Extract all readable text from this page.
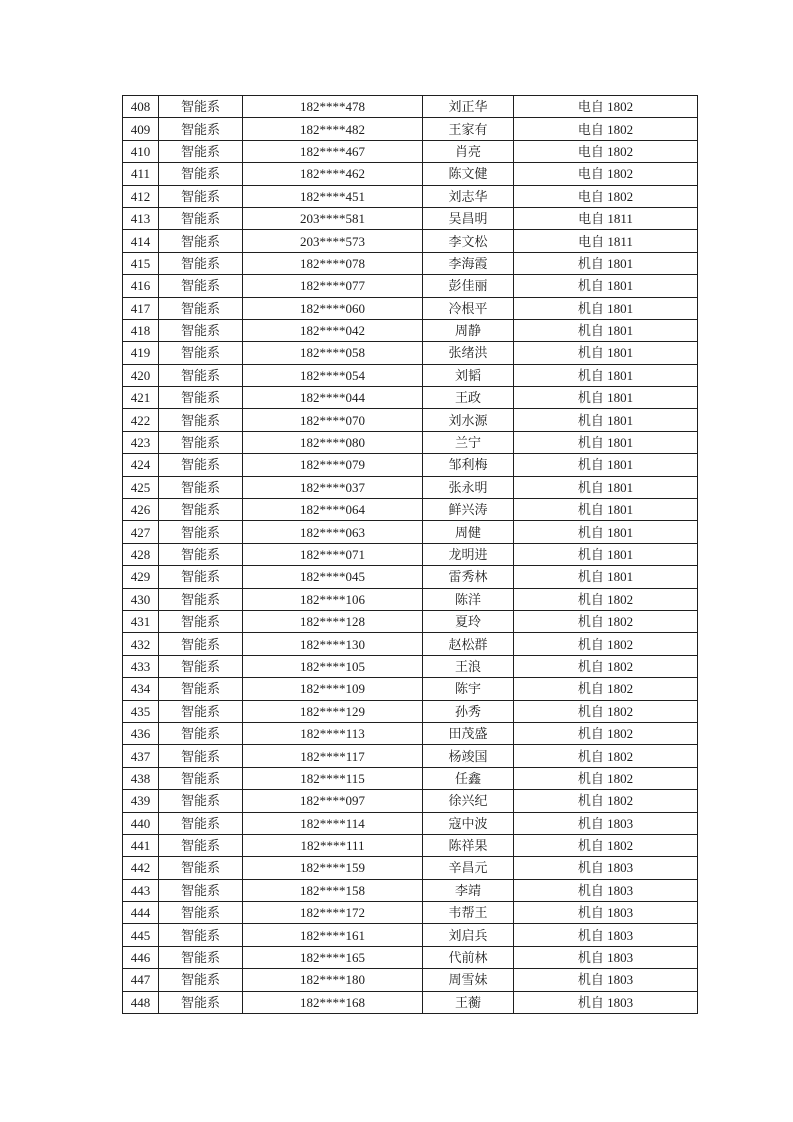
408	智能系	182****478	刘正华	电自 1802
409	智能系	182****482	王家有	电自 1802
410	智能系	182****467	肖亮	电自 1802
411	智能系	182****462	陈文健	电自 1802
412	智能系	182****451	刘志华	电自 1802
413	智能系	203****581	吴昌明	电自 1811
414	智能系	203****573	李文松	电自 1811
415	智能系	182****078	李海霞	机自 1801
416	智能系	182****077	彭佳丽	机自 1801
417	智能系	182****060	冷根平	机自 1801
418	智能系	182****042	周静	机自 1801
419	智能系	182****058	张绪洪	机自 1801
420	智能系	182****054	刘韬	机自 1801
421	智能系	182****044	王政	机自 1801
422	智能系	182****070	刘水源	机自 1801
423	智能系	182****080	兰宁	机自 1801
424	智能系	182****079	邹利梅	机自 1801
425	智能系	182****037	张永明	机自 1801
426	智能系	182****064	鲜兴涛	机自 1801
427	智能系	182****063	周健	机自 1801
428	智能系	182****071	龙明进	机自 1801
429	智能系	182****045	雷秀林	机自 1801
430	智能系	182****106	陈洋	机自 1802
431	智能系	182****128	夏玲	机自 1802
432	智能系	182****130	赵松群	机自 1802
433	智能系	182****105	王浪	机自 1802
434	智能系	182****109	陈宇	机自 1802
435	智能系	182****129	孙秀	机自 1802
436	智能系	182****113	田茂盛	机自 1802
437	智能系	182****117	杨竣国	机自 1802
438	智能系	182****115	任鑫	机自 1802
439	智能系	182****097	徐兴纪	机自 1802
440	智能系	182****114	寇中波	机自 1803
441	智能系	182****111	陈祥果	机自 1802
442	智能系	182****159	辛昌元	机自 1803
443	智能系	182****158	李靖	机自 1803
444	智能系	182****172	韦帮王	机自 1803
445	智能系	182****161	刘启兵	机自 1803
446	智能系	182****165	代前林	机自 1803
447	智能系	182****180	周雪妹	机自 1803
448	智能系	182****168	王蘅	机自 1803
